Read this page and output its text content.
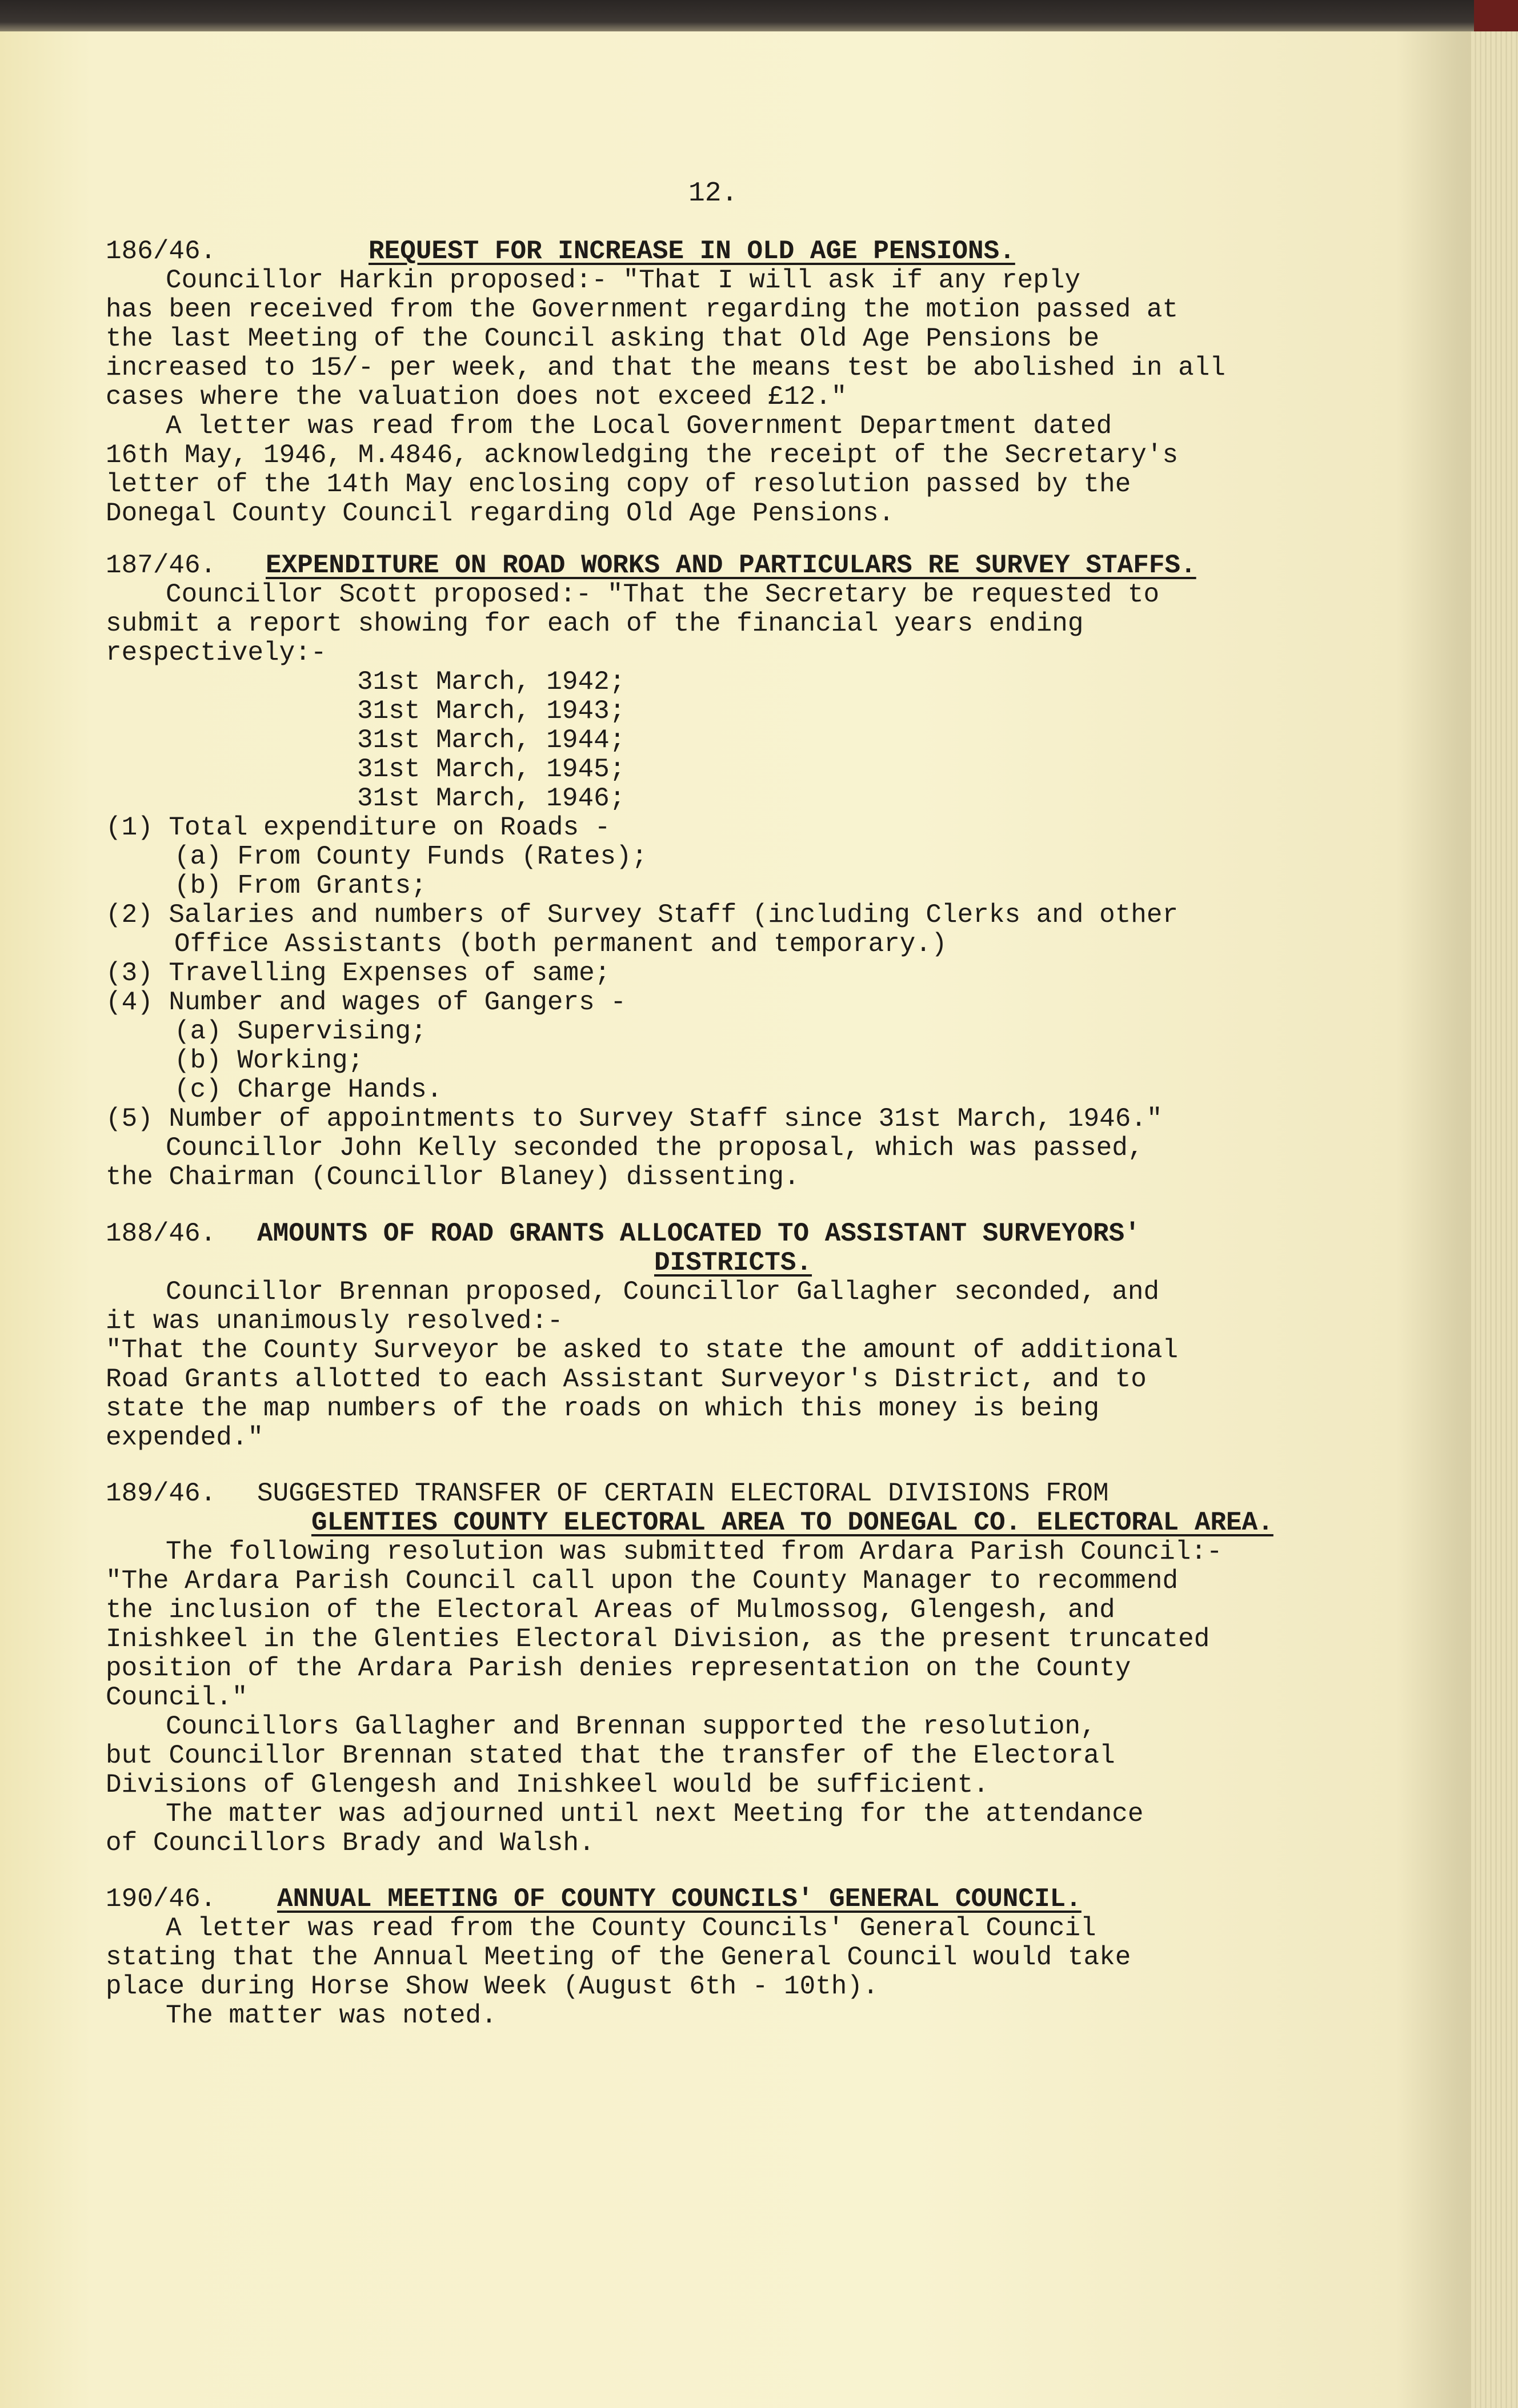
12.
186/46.	REQUEST FOR INCREASE IN OLD AGE PENSIONS.
Councillor Harkin proposed:- "That I will ask if any reply
has been received from the Government regarding the motion passed at
the last Meeting of the Council asking that Old Age Pensions be
increased to 15/- per week, and that the means test be abolished in all
cases where the valuation does not exceed £12."
A letter was read from the Local Government Department dated
16th May, 1946, M.4846, acknowledging the receipt of the Secretary's
letter of the 14th May enclosing copy of resolution passed by the
Donegal County Council regarding Old Age Pensions.
187/46.	EXPENDITURE ON ROAD WORKS AND PARTICULARS RE SURVEY STAFFS.
Councillor Scott proposed:- "That the Secretary be requested to
submit a report showing for each of the financial years ending
respectively:-
31st March, 1942;
31st March, 1943;
31st March, 1944;
31st March, 1945;
31st March, 1946;
(1) Total expenditure on Roads -
(a) From County Funds (Rates);
(b) From Grants;
(2) Salaries and numbers of Survey Staff (including Clerks and other
Office Assistants (both permanent and temporary.)
(3) Travelling Expenses of same;
(4) Number and wages of Gangers -
(a) Supervising;
(b) Working;
(c) Charge Hands.
(5) Number of appointments to Survey Staff since 31st March, 1946."
Councillor John Kelly seconded the proposal, which was passed,
the Chairman (Councillor Blaney) dissenting.
188/46.	AMOUNTS OF ROAD GRANTS ALLOCATED TO ASSISTANT SURVEYORS'
DISTRICTS.
Councillor Brennan proposed, Councillor Gallagher seconded, and
it was unanimously resolved:-
"That the County Surveyor be asked to state the amount of additional
Road Grants allotted to each Assistant Surveyor's District, and to
state the map numbers of the roads on which this money is being
expended."
189/46.	SUGGESTED TRANSFER OF CERTAIN ELECTORAL DIVISIONS FROM
GLENTIES COUNTY ELECTORAL AREA TO DONEGAL CO. ELECTORAL AREA.
The following resolution was submitted from Ardara Parish Council:-
"The Ardara Parish Council call upon the County Manager to recommend
the inclusion of the Electoral Areas of Mulmossog, Glengesh, and
Inishkeel in the Glenties Electoral Division, as the present truncated
position of the Ardara Parish denies representation on the County
Council."
Councillors Gallagher and Brennan supported the resolution,
but Councillor Brennan stated that the transfer of the Electoral
Divisions of Glengesh and Inishkeel would be sufficient.
The matter was adjourned until next Meeting for the attendance
of Councillors Brady and Walsh.
190/46.	ANNUAL MEETING OF COUNTY COUNCILS' GENERAL COUNCIL.
A letter was read from the County Councils' General Council
stating that the Annual Meeting of the General Council would take
place during Horse Show Week (August 6th - 10th).
The matter was noted.
